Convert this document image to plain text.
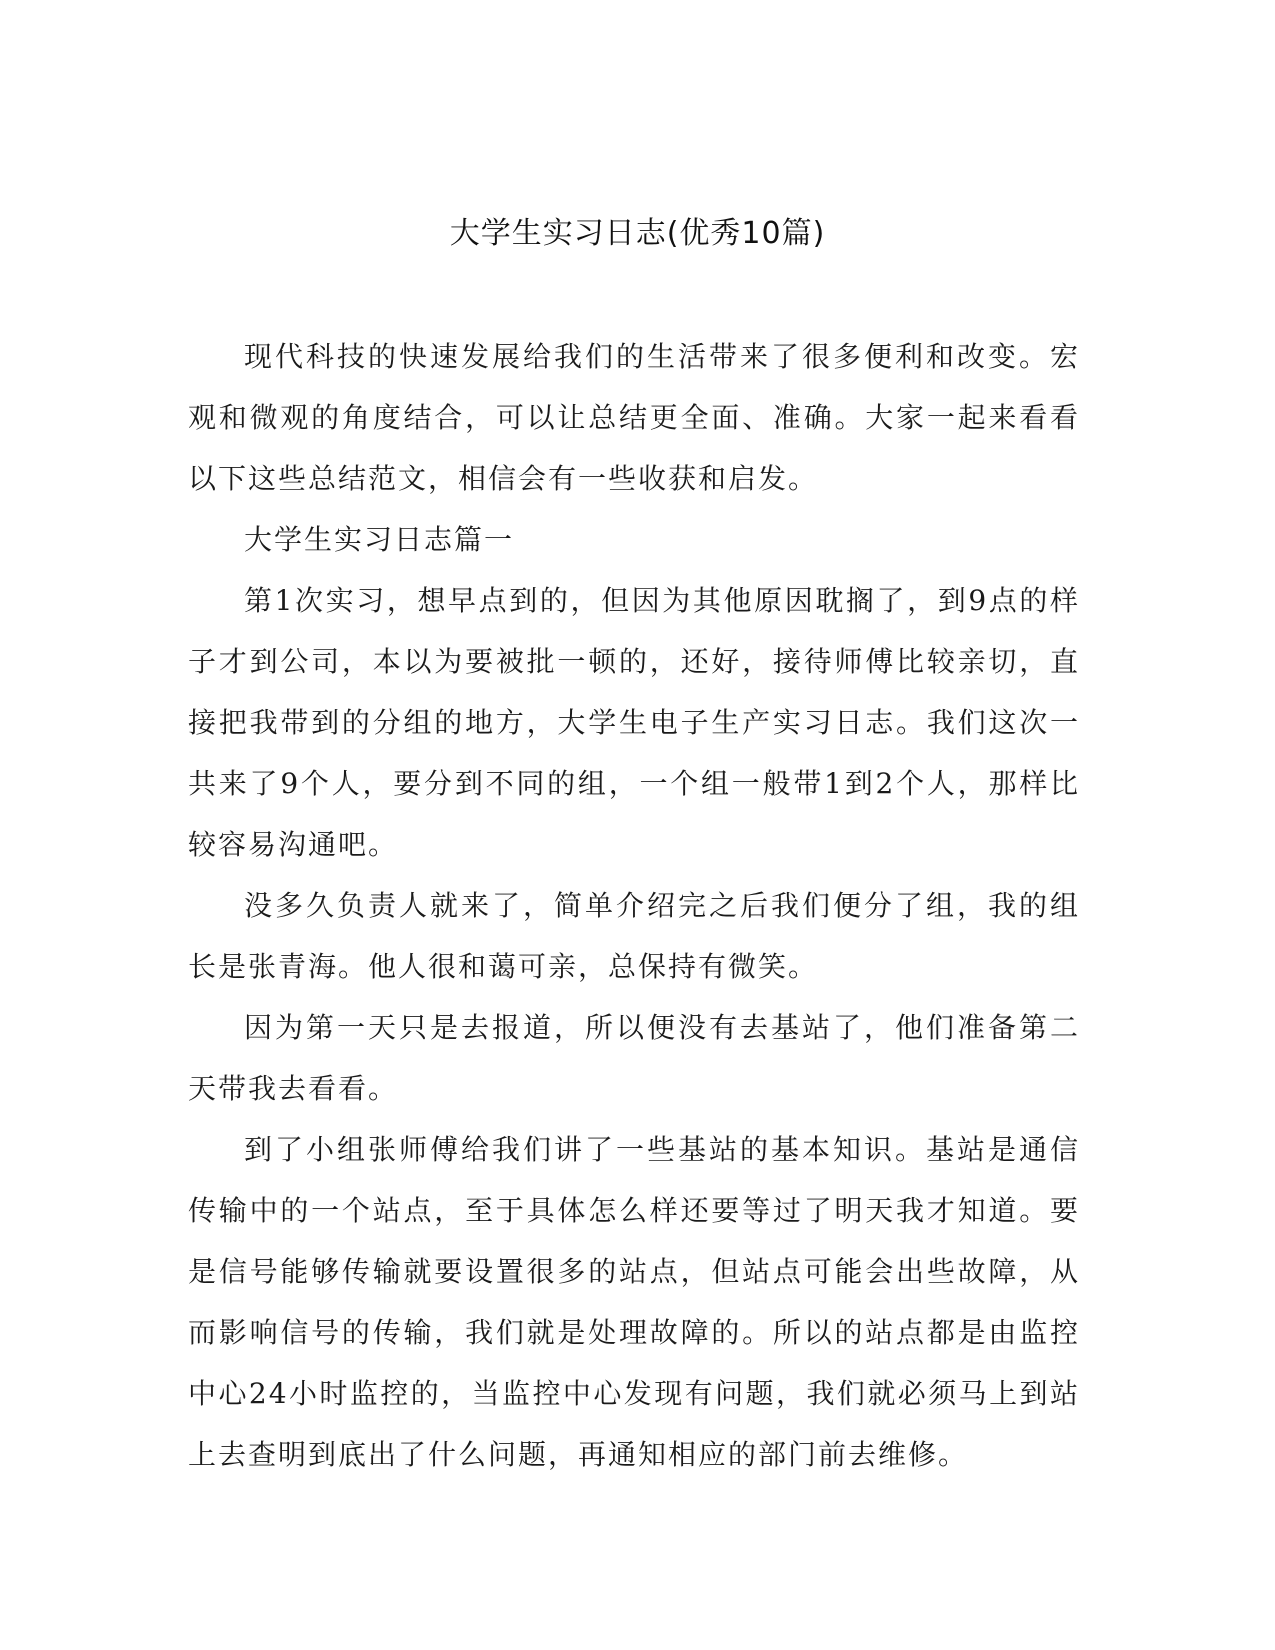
大学生实习日志(优秀10篇)

现代科技的快速发展给我们的生活带来了很多便利和改变。宏观和微观的角度结合，可以让总结更全面、准确。大家一起来看看以下这些总结范文，相信会有一些收获和启发。

大学生实习日志篇一

第1次实习，想早点到的，但因为其他原因耽搁了，到9点的样子才到公司，本以为要被批一顿的，还好，接待师傅比较亲切，直接把我带到的分组的地方，大学生电子生产实习日志。我们这次一共来了9个人，要分到不同的组，一个组一般带1到2个人，那样比较容易沟通吧。

没多久负责人就来了，简单介绍完之后我们便分了组，我的组长是张青海。他人很和蔼可亲，总保持有微笑。

因为第一天只是去报道，所以便没有去基站了，他们准备第二天带我去看看。

到了小组张师傅给我们讲了一些基站的基本知识。基站是通信传输中的一个站点，至于具体怎么样还要等过了明天我才知道。要是信号能够传输就要设置很多的站点，但站点可能会出些故障，从而影响信号的传输，我们就是处理故障的。所以的站点都是由监控中心24小时监控的，当监控中心发现有问题，我们就必须马上到站上去查明到底出了什么问题，再通知相应的部门前去维修。
